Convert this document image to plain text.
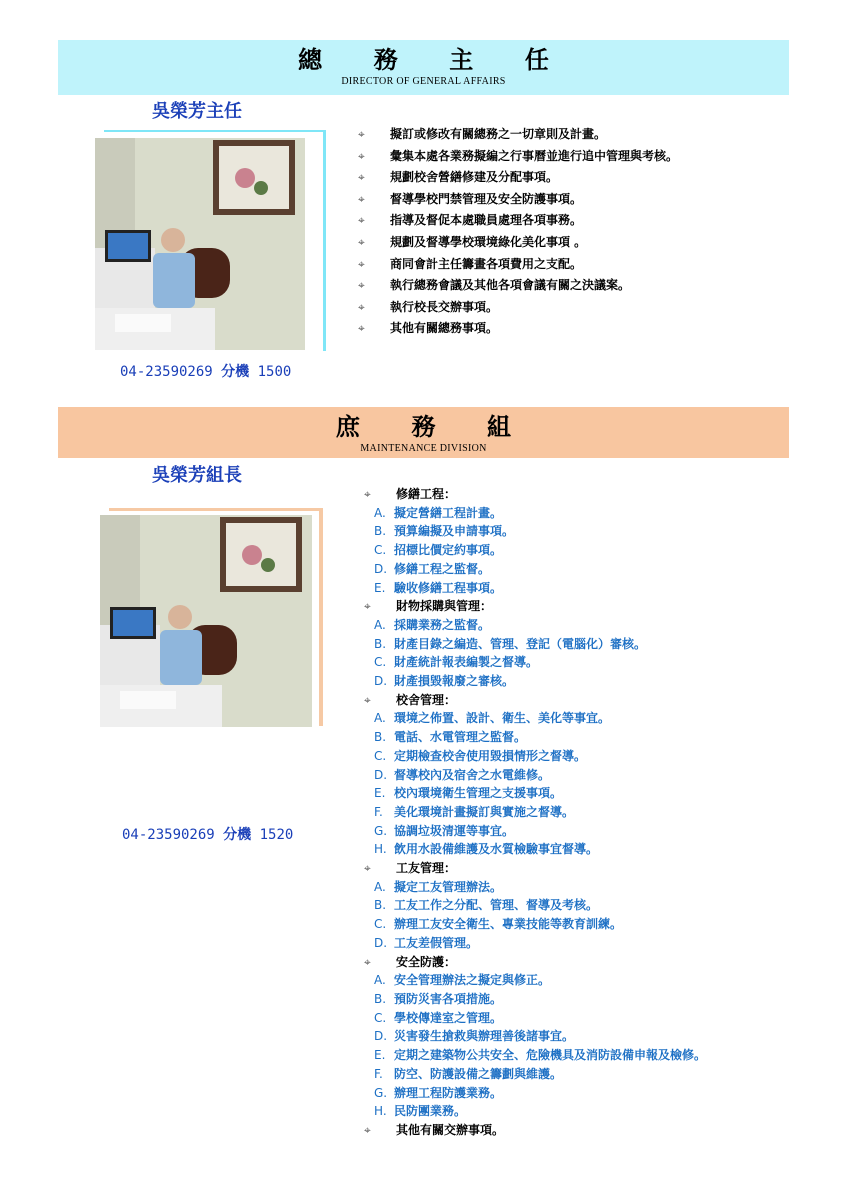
總 務 主 任
DIRECTOR OF GENERAL AFFAIRS
吳榮芳主任
04-23590269 分機 1500
⌖ 擬訂或修改有關總務之一切章則及計畫。
⌖ 彙集本處各業務擬編之行事曆並進行追中管理與考核。
⌖ 規劃校舍營繕修建及分配事項。
⌖ 督導學校門禁管理及安全防護事項。
⌖ 指導及督促本處職員處理各項事務。
⌖ 規劃及督導學校環境綠化美化事項 。
⌖ 商同會計主任籌畫各項費用之支配。
⌖ 執行總務會議及其他各項會議有關之決議案。
⌖ 執行校長交辦事項。
⌖ 其他有關總務事項。
庶 務 組
MAINTENANCE DIVISION
吳榮芳組長
04-23590269 分機 1520
⌖ 修繕工程：
A. 擬定營繕工程計畫。
B. 預算編擬及申請事項。
C. 招標比價定約事項。
D. 修繕工程之監督。
E. 驗收修繕工程事項。
⌖ 財物採購與管理：
A. 採購業務之監督。
B. 財產目錄之編造、管理、登記（電腦化）審核。
C. 財產統計報表編製之督導。
D. 財產損毀報廢之審核。
⌖ 校舍管理：
A. 環境之佈置、設計、衛生、美化等事宜。
B. 電話、水電管理之監督。
C. 定期檢查校舍使用毀損情形之督導。
D. 督導校內及宿舍之水電維修。
E. 校內環境衛生管理之支援事項。
F. 美化環境計畫擬訂與實施之督導。
G. 協調垃圾清運等事宜。
H. 飲用水設備維護及水質檢驗事宜督導。
⌖ 工友管理：
A. 擬定工友管理辦法。
B. 工友工作之分配、管理、督導及考核。
C. 辦理工友安全衛生、專業技能等教育訓練。
D. 工友差假管理。
⌖ 安全防護：
A. 安全管理辦法之擬定與修正。
B. 預防災害各項措施。
C. 學校傳達室之管理。
D. 災害發生搶救與辦理善後諸事宜。
E. 定期之建築物公共安全、危險機具及消防設備申報及檢修。
F. 防空、防護設備之籌劃與維護。
G. 辦理工程防護業務。
H. 民防團業務。
⌖ 其他有關交辦事項。
